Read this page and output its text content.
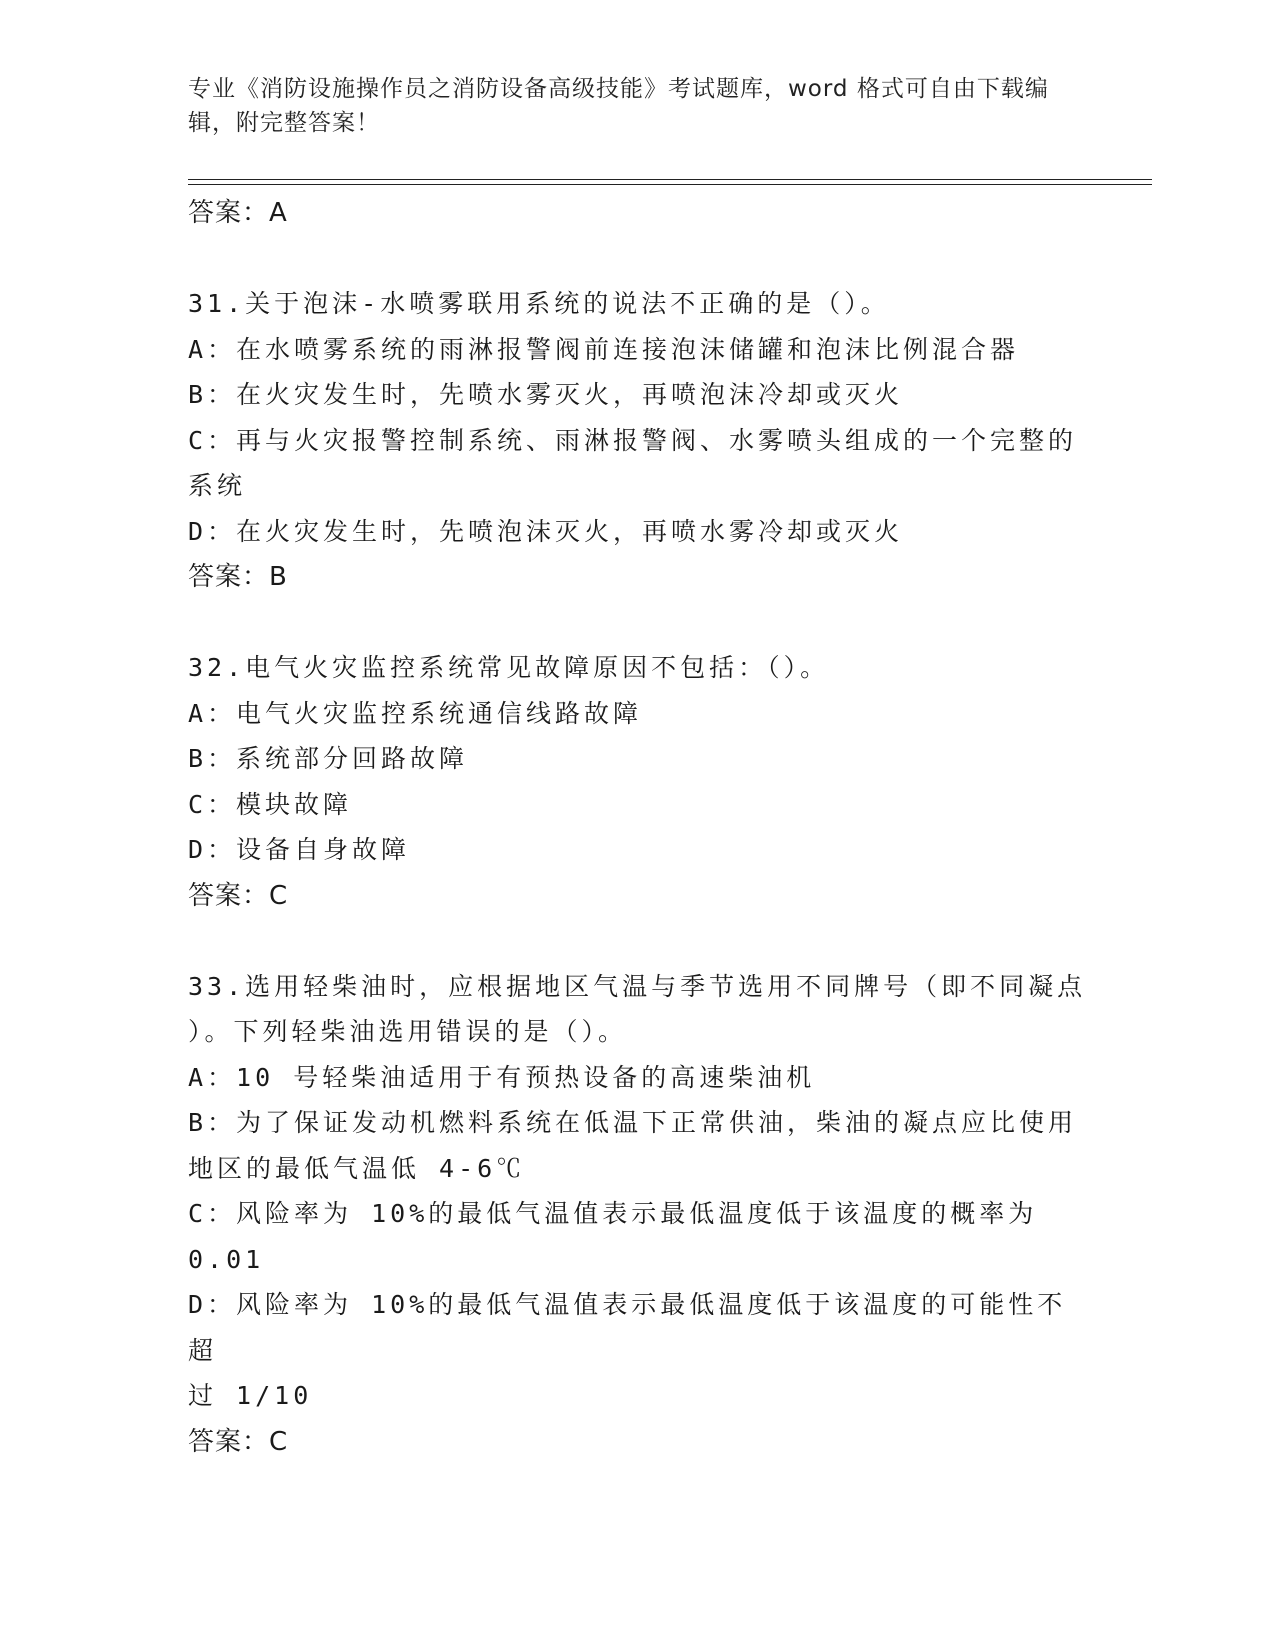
专业《消防设施操作员之消防设备高级技能》考试题库，word 格式可自由下载编辑，附完整答案！

答案：A

31.关于泡沫-水喷雾联用系统的说法不正确的是（）。

A：在水喷雾系统的雨淋报警阀前连接泡沫储罐和泡沫比例混合器

B：在火灾发生时，先喷水雾灭火，再喷泡沫冷却或灭火

C：再与火灾报警控制系统、雨淋报警阀、水雾喷头组成的一个完整的

系统

D：在火灾发生时，先喷泡沫灭火，再喷水雾冷却或灭火

答案：B

32.电气火灾监控系统常见故障原因不包括：（）。

A：电气火灾监控系统通信线路故障

B：系统部分回路故障

C：模块故障

D：设备自身故障

答案：C

33.选用轻柴油时，应根据地区气温与季节选用不同牌号（即不同凝点

）。下列轻柴油选用错误的是（）。

A：10 号轻柴油适用于有预热设备的高速柴油机

B：为了保证发动机燃料系统在低温下正常供油，柴油的凝点应比使用

地区的最低气温低 4-6℃

C：风险率为 10%的最低气温值表示最低温度低于该温度的概率为 0.01

D：风险率为 10%的最低气温值表示最低温度低于该温度的可能性不超

过 1/10

答案：C
